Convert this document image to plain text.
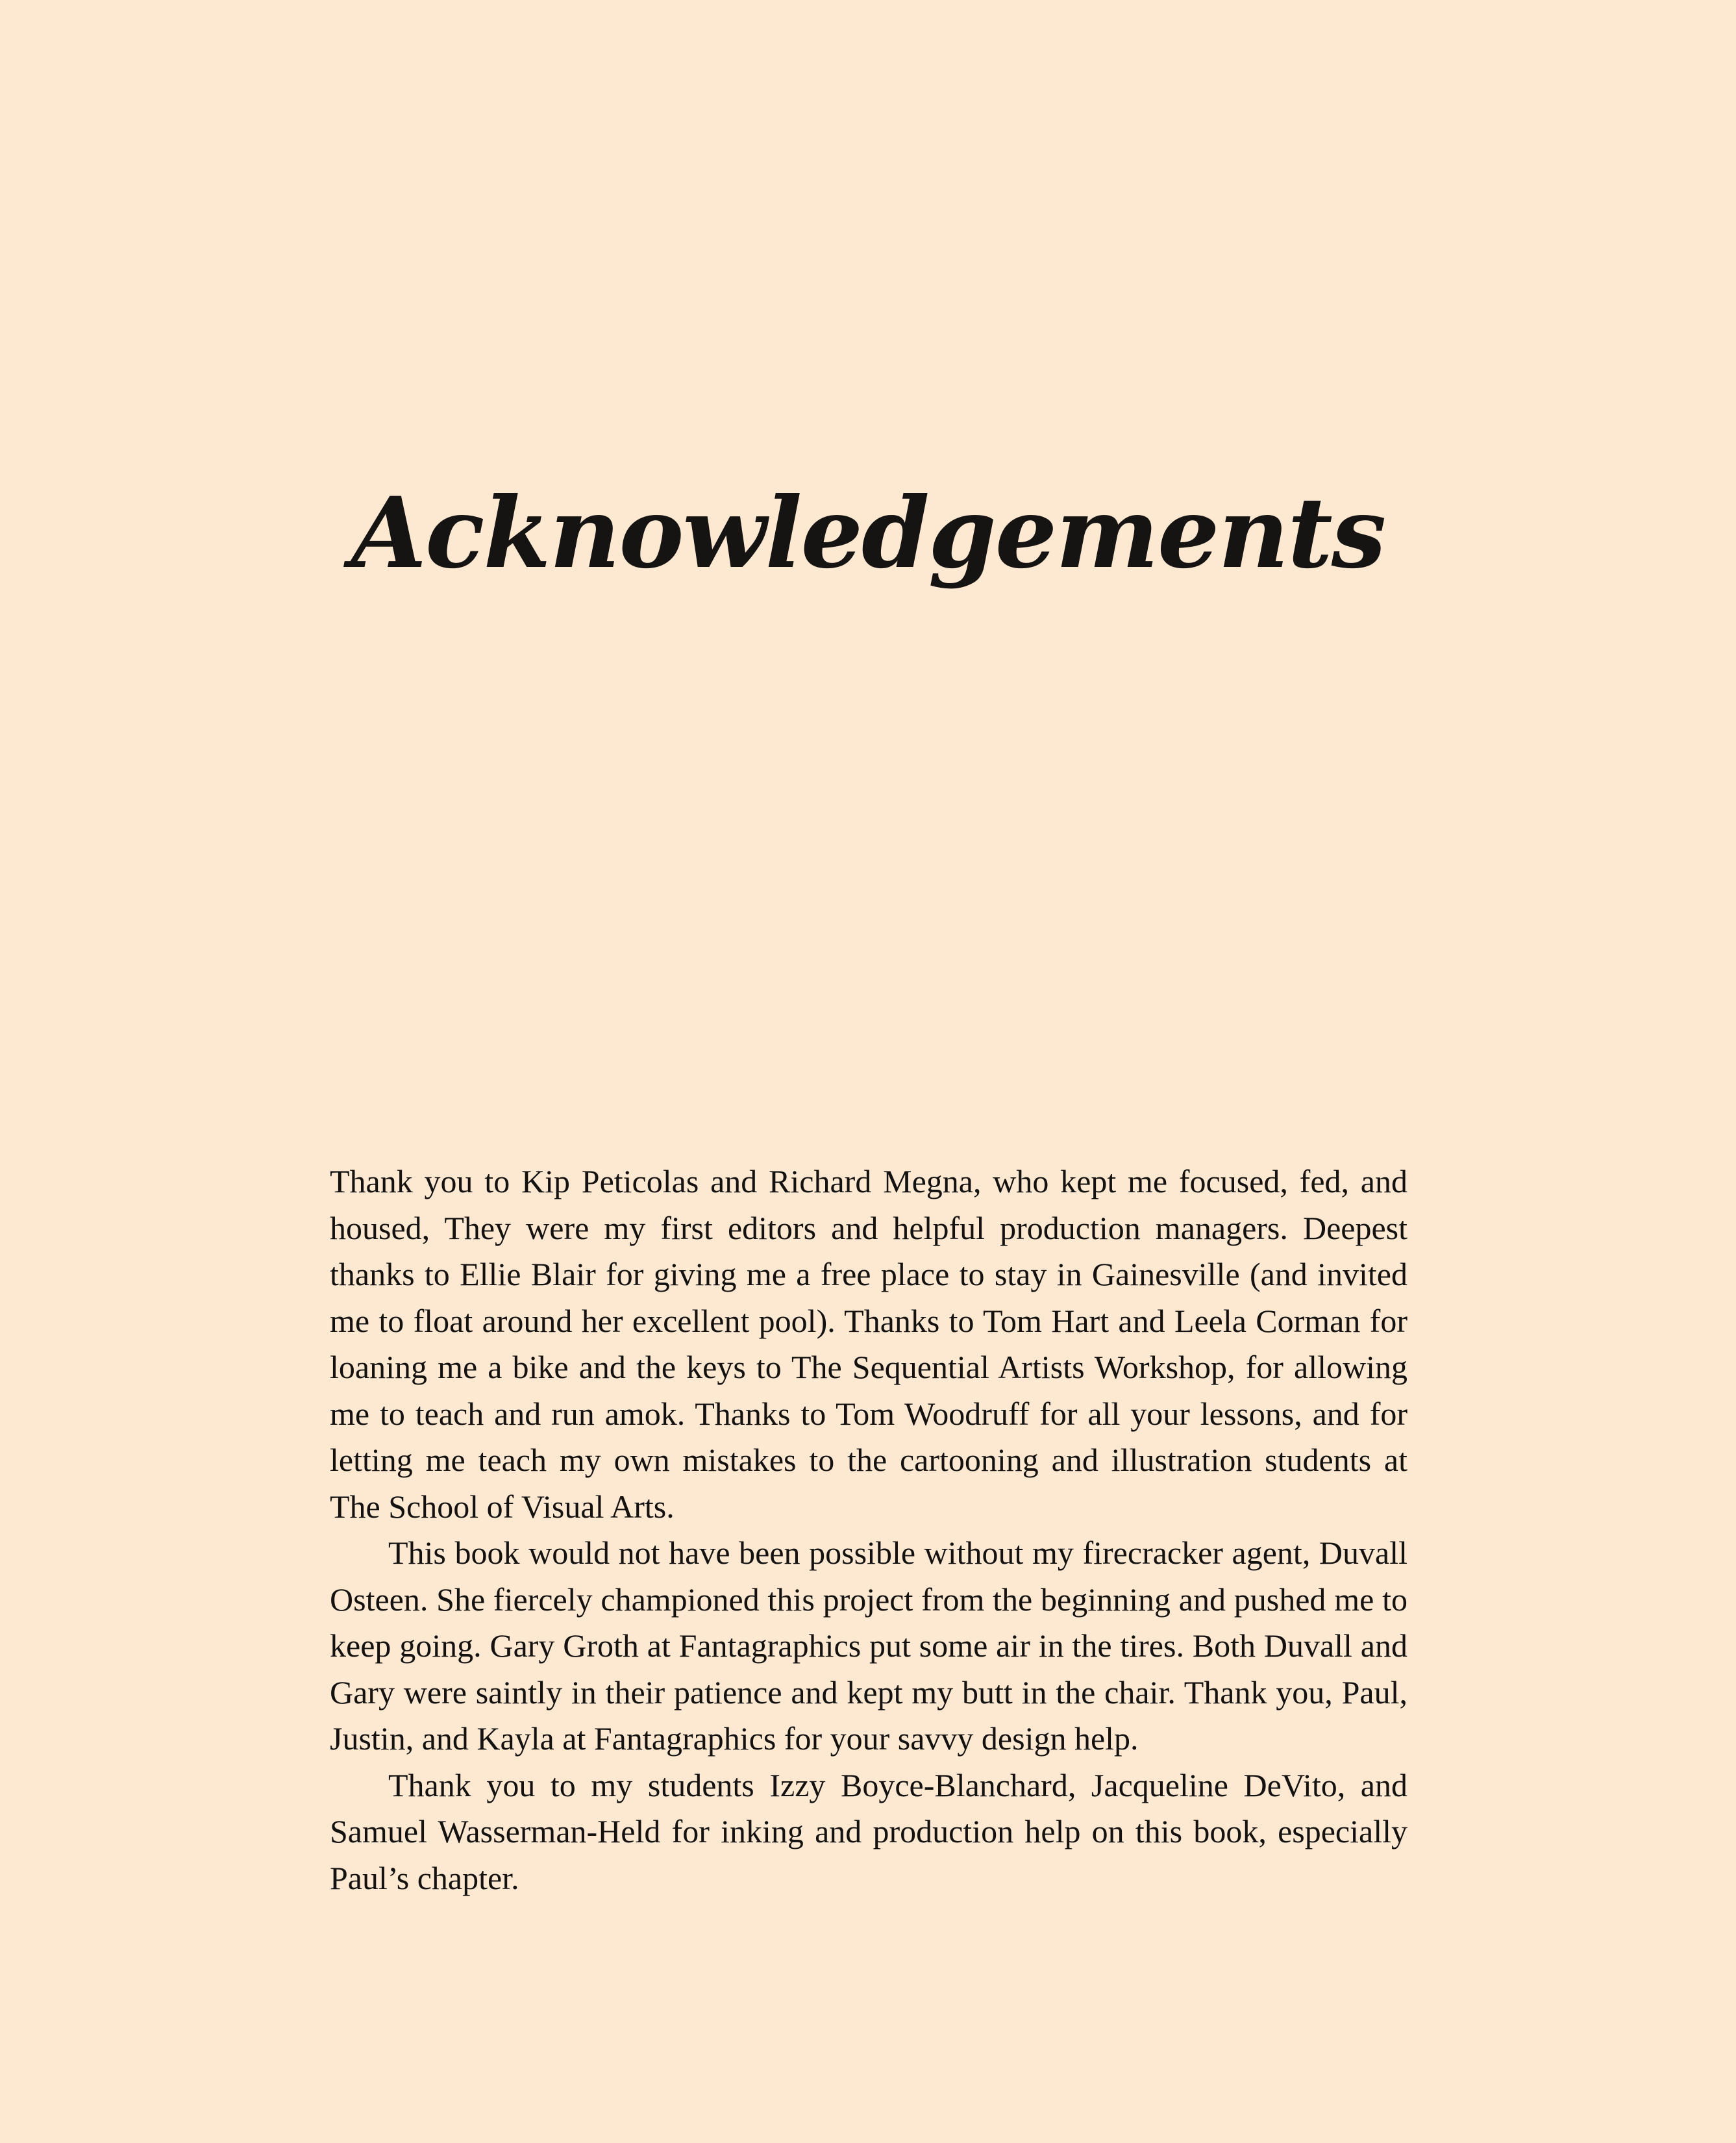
Acknowledgements

Thank you to Kip Peticolas and Richard Megna, who kept me focused, fed, and housed, They were my first editors and helpful production managers. Deepest thanks to Ellie Blair for giving me a free place to stay in Gainesville (and invited me to float around her excellent pool). Thanks to Tom Hart and Leela Corman for loaning me a bike and the keys to The Sequential Artists Workshop, for allowing me to teach and run amok. Thanks to Tom Woodruff for all your lessons, and for letting me teach my own mistakes to the cartooning and illustration students at The School of Visual Arts.

This book would not have been possible without my firecracker agent, Duvall Osteen. She fiercely championed this project from the beginning and pushed me to keep going. Gary Groth at Fantagraphics put some air in the tires. Both Duvall and Gary were saintly in their patience and kept my butt in the chair. Thank you, Paul, Justin, and Kayla at Fantagraphics for your savvy design help.

Thank you to my students Izzy Boyce-Blanchard, Jacqueline DeVito, and Samuel Wasserman-Held for inking and production help on this book, especially Paul’s chapter.
